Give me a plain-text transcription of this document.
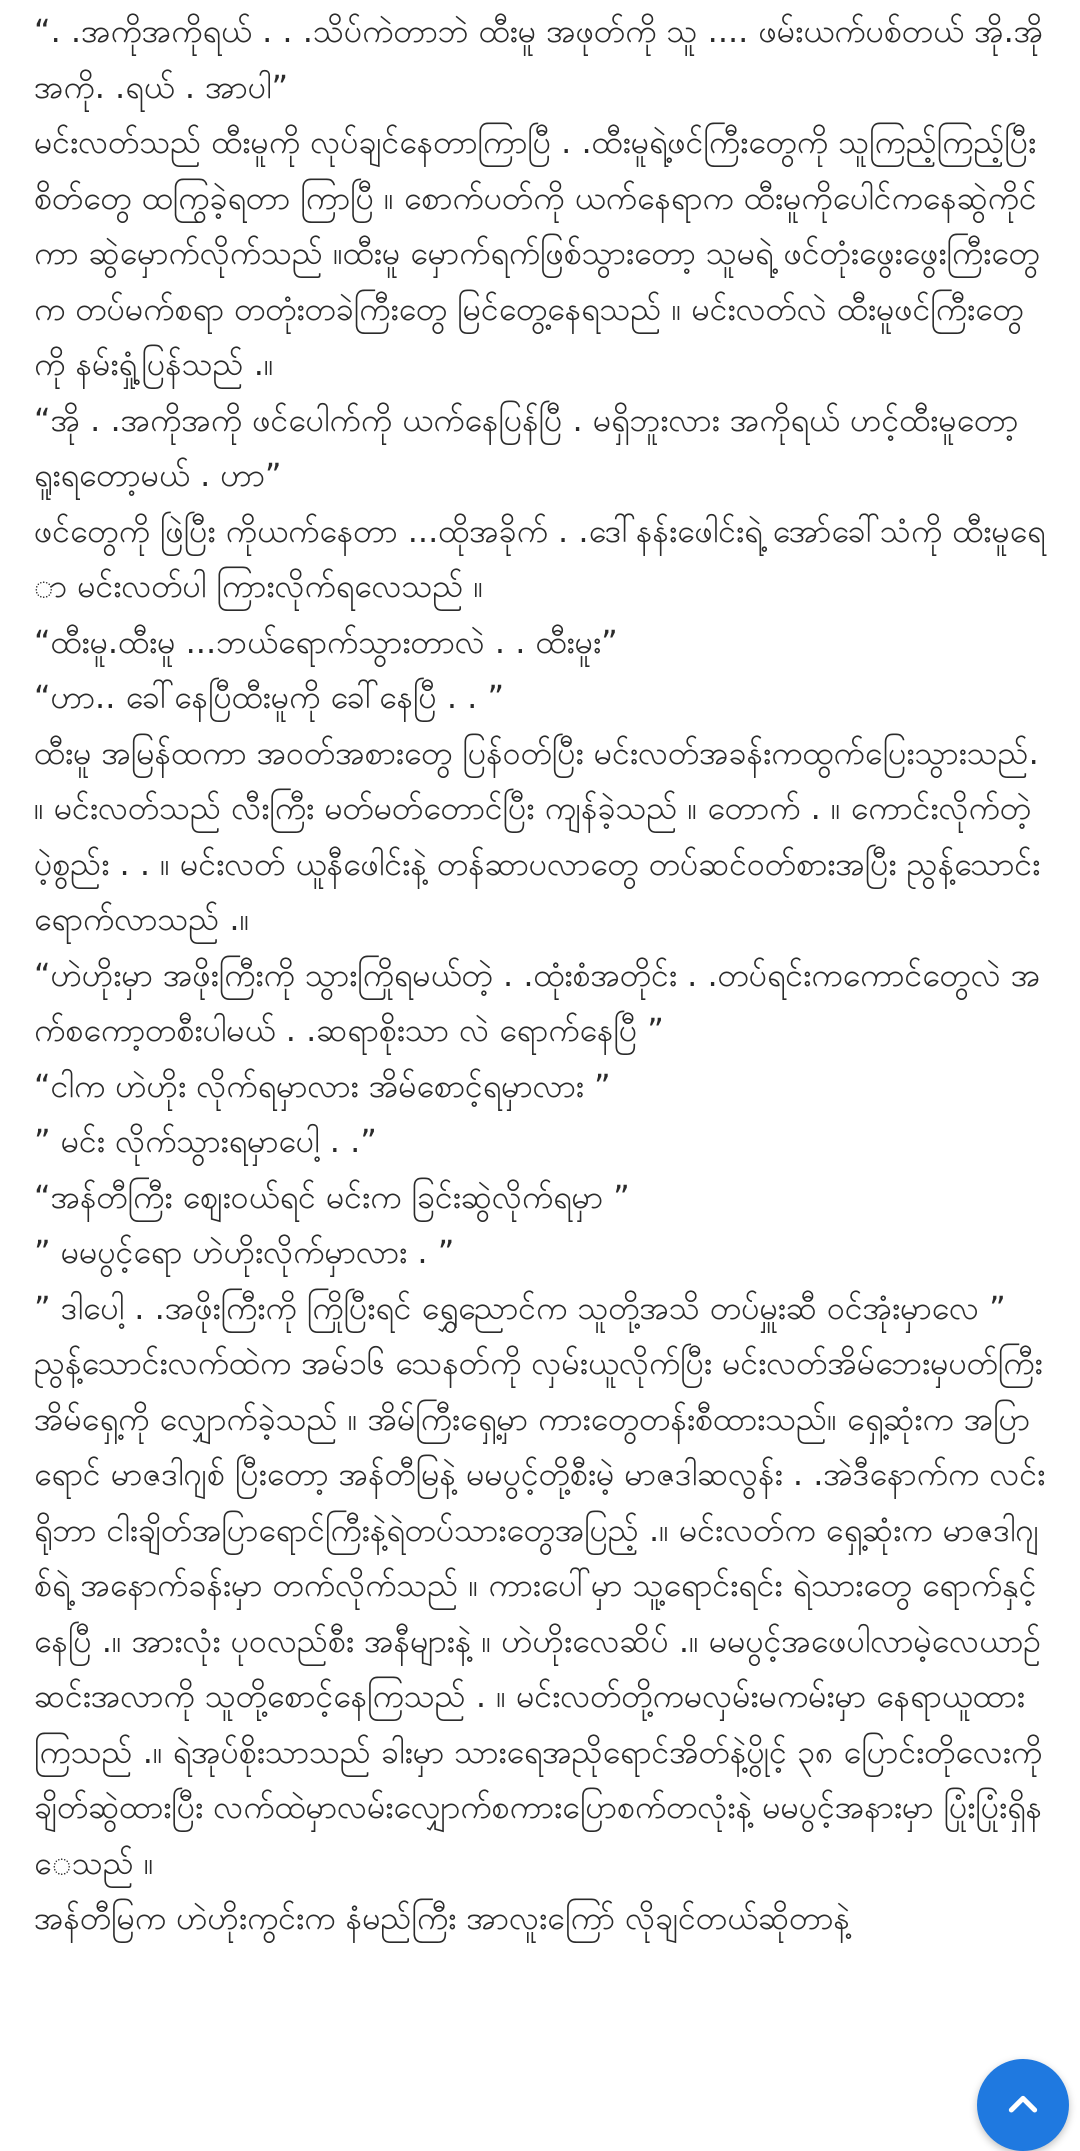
“. .အကိုအကိုရယ် . . .သိပ်ကဲတာဘဲ ထီးမူ အဖုတ်ကို သူ .... ဖမ်းယက်ပစ်တယ် အို.အိုအကို. .ရယ် . အာပါ”

မင်းလတ်သည် ထီးမူကို လုပ်ချင်နေတာကြာပြီ . .ထီးမူရဲ့ဖင်ကြီးတွေကို သူကြည့်ကြည့်ပြီး စိတ်တွေ ထကြွခဲ့ရတာ ကြာပြီ ။ စောက်ပတ်ကို ယက်နေရာက ထီးမူကိုပေါင်ကနေဆွဲကိုင်ကာ ဆွဲမှောက်လိုက်သည် ။ထီးမူ မှောက်ရက်ဖြစ်သွားတော့ သူမရဲ့ ဖင်တုံးဖွေးဖွေးကြီးတွေက တပ်မက်စရာ တတုံးတခဲကြီးတွေ မြင်တွေ့နေရသည် ။ မင်းလတ်လဲ ထီးမူဖင်ကြီးတွေကို နမ်းရှုံ့ပြန်သည် .။

“အို . .အကိုအကို ဖင်ပေါက်ကို ယက်နေပြန်ပြီ . မရှိဘူးလား အကိုရယ် ဟင့်ထီးမူတော့ ရူးရတော့မယ် . ဟာ”

ဖင်တွေကို ဖြဲပြီး ကိုယက်နေတာ ...ထိုအခိုက် . .ဒေါ်နန်းဖေါင်းရဲ့ အော်ခေါ်သံကို ထီးမူရော မင်းလတ်ပါ ကြားလိုက်ရလေသည် ။

“ထီးမူ.ထီးမူ ...ဘယ်ရောက်သွားတာလဲ . . ထီးမူး”

“ဟာ.. ခေါ်နေပြီထီးမူကို ခေါ်နေပြီ . . ”

ထီးမူ အမြန်ထကာ အဝတ်အစားတွေ ပြန်ဝတ်ပြီး မင်းလတ်အခန်းကထွက်ပြေးသွားသည်. ။ မင်းလတ်သည် လီးကြီး မတ်မတ်တောင်ပြီး ကျန်ခဲ့သည် ။ တောက် . ။ ကောင်းလိုက်တဲ့ပဲ့စွည်း . . ။ မင်းလတ် ယူနီဖေါင်းနဲ့ တန်ဆာပလာတွေ တပ်ဆင်ဝတ်စားအပြီး ညွန့်သောင်း ရောက်လာသည် .။

“ဟဲဟိုးမှာ အဖိုးကြီးကို သွားကြိုရမယ်တဲ့ . .ထုံးစံအတိုင်း . .တပ်ရင်းကကောင်တွေလဲ အက်စကော့တစီးပါမယ် . .ဆရာစိုးသာ လဲ ရောက်နေပြီ ”

“ငါက ဟဲဟိုး လိုက်ရမှာလား အိမ်စောင့်ရမှာလား ”

” မင်း လိုက်သွားရမှာပေါ့ . .”

“အန်တီကြီး ဈေးဝယ်ရင် မင်းက ခြင်းဆွဲလိုက်ရမှာ ”

” မမပွင့်ရော ဟဲဟိုးလိုက်မှာလား . ”

” ဒါပေါ့ . .အဖိုးကြီးကို ကြိုပြီးရင် ရွှေညောင်က သူတို့အသိ တပ်မှူးဆီ ဝင်အုံးမှာလေ ”

ညွန့်သောင်းလက်ထဲက အမ်၁၆ သေနတ်ကို လှမ်းယူလိုက်ပြီး မင်းလတ်အိမ်ဘေးမှပတ်ကြီး အိမ်ရှေ့ကို လျှောက်ခဲ့သည် ။ အိမ်ကြီးရှေ့မှာ ကားတွေတန်းစီထားသည်။ ရှေ့ဆုံးက အပြာရောင် မာဇဒါဂျစ် ပြီးတော့ အန်တီမြနဲ့ မမပွင့်တို့စီးမဲ့ မာဇဒါဆလွန်း . .အဲဒီနောက်က လင်းရိုဘာ ငါးချိတ်အပြာရောင်ကြီးနဲ့ရဲတပ်သားတွေအပြည့် .။ မင်းလတ်က ရှေ့ဆုံးက မာဇဒါဂျစ်ရဲ့ အနောက်ခန်းမှာ တက်လိုက်သည် ။ ကားပေါ်မှာ သူ့ရောင်းရင်း ရဲသားတွေ ရောက်နှင့်နေပြီ .။ အားလုံး ပုဝလည်စီး အနီများနဲ့ ။ ဟဲဟိုးလေဆိပ် .။ မမပွင့်အဖေပါလာမဲ့လေယာဉ် ဆင်းအလာကို သူတို့စောင့်နေကြသည် . ။ မင်းလတ်တို့ကမလှမ်းမကမ်းမှာ နေရာယူထားကြသည် .။ ရဲအုပ်စိုးသာသည် ခါးမှာ သားရေအညိုရောင်အိတ်နဲ့ပွိုင့် ၃၈ ပြောင်းတိုလေးကို ချိတ်ဆွဲထားပြီး လက်ထဲမှာလမ်းလျှောက်စကားပြောစက်တလုံးနဲ့ မမပွင့်အနားမှာ ပြုံးပြုံးရှိနေသည် ။

အန်တီမြက ဟဲဟိုးကွင်းက နံမည်ကြီး အာလူးကြော် လိုချင်တယ်ဆိုတာနဲ့
